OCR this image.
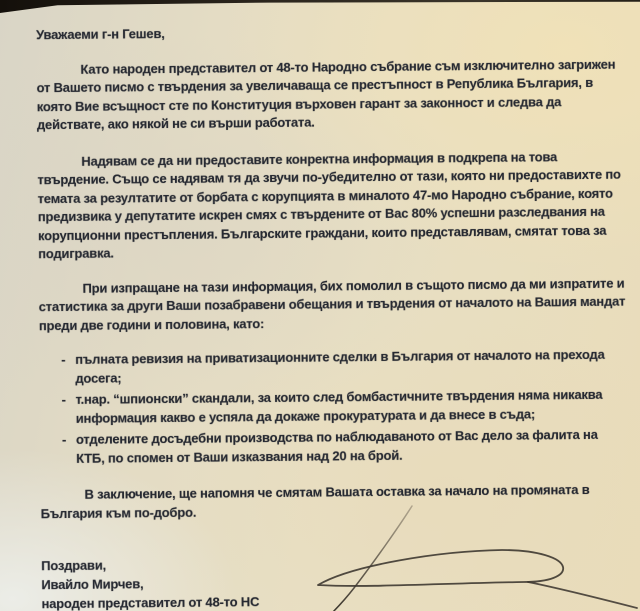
Уважаеми г-н Гешев,

Като народен представител от 48-то Народно събрание съм изключително загрижен от Вашето писмо с твърдения за увеличаваща се престъпност в Република България, в която Вие всъщност сте по Конституция върховен гарант за законност и следва да действате, ако някой не си върши работата.

Надявам се да ни предоставите конректна информация в подкрепа на това твърдение. Също се надявам тя да звучи по-убедително от тази, която ни предоставихте по темата за резултатите от борбата с корупцията в миналото 47-мо Народно събрание, която предизвика у депутатите искрен смях с твърдените от Вас 80% успешни разследвания на корупционни престъпления. Българските граждани, които представлявам, смятат това за подигравка.

При изпращане на тази информация, бих помолил в същото писмо да ми изпратите и статистика за други Ваши позабравени обещания и твърдения от началото на Вашия мандат преди две години и половина, като:

- пълната ревизия на приватизационните сделки в България от началото на прехода досега;
- т.нар. “шпионски” скандали, за които след бомбастичните твърдения няма никаква информация какво е успяла да докаже прокуратурата и да внесе в съда;
- отделените досъдебни производства по наблюдаваното от Вас дело за фалита на КТБ, по спомен от Ваши изказвания над 20 на брой.

В заключение, ще напомня че смятам Вашата оставка за начало на промяната в България към по-добро.

Поздрави,
Ивайло Мирчев,
народен представител от 48-то НС
